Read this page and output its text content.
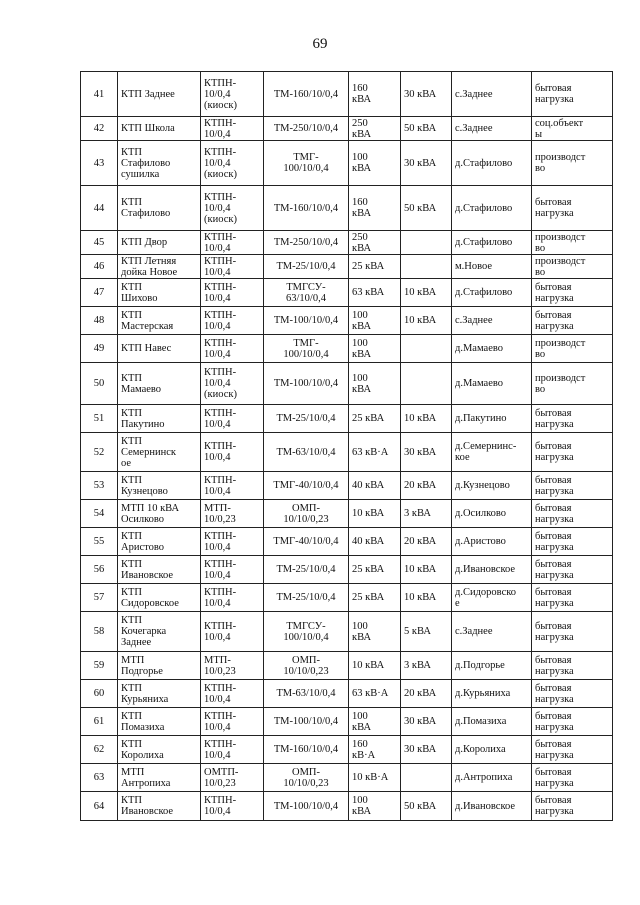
69
41	КТП Заднее	КТПН-
10/0,4
(киоск)	ТМ-160/10/0,4	160
кВА	30 кВА	с.Заднее	бытовая
нагрузка
42	КТП Школа	КТПН-
10/0,4	ТМ-250/10/0,4	250
кВА	50 кВА	с.Заднее	соц.объект
ы
43	КТП
Стафилово
сушилка	КТПН-
10/0,4
(киоск)	ТМГ-
100/10/0,4	100
кВА	30 кВА	д.Стафилово	производст
во
44	КТП
Стафилово	КТПН-
10/0,4
(киоск)	ТМ-160/10/0,4	160
кВА	50 кВА	д.Стафилово	бытовая
нагрузка
45	КТП Двор	КТПН-
10/0,4	ТМ-250/10/0,4	250
кВА		д.Стафилово	производст
во
46	КТП Летняя
дойка Новое	КТПН-
10/0,4	ТМ-25/10/0,4	25 кВА		м.Новое	производст
во
47	КТП
Шихово	КТПН-
10/0,4	ТМГСУ-
63/10/0,4	63 кВА	10 кВА	д.Стафилово	бытовая
нагрузка
48	КТП
Мастерская	КТПН-
10/0,4	ТМ-100/10/0,4	100
кВА	10 кВА	с.Заднее	бытовая
нагрузка
49	КТП Навес	КТПН-
10/0,4	ТМГ-
100/10/0,4	100
кВА		д.Мамаево	производст
во
50	КТП
Мамаево	КТПН-
10/0,4
(киоск)	ТМ-100/10/0,4	100
кВА		д.Мамаево	производст
во
51	КТП
Пакутино	КТПН-
10/0,4	ТМ-25/10/0,4	25 кВА	10 кВА	д.Пакутино	бытовая
нагрузка
52	КТП
Семернинск
ое	КТПН-
10/0,4	ТМ-63/10/0,4	63 кВ·А	30 кВА	д.Семернинс-
кое	бытовая
нагрузка
53	КТП
Кузнецово	КТПН-
10/0,4	ТМГ-40/10/0,4	40 кВА	20 кВА	д.Кузнецово	бытовая
нагрузка
54	МТП 10 кВА
Осилково	МТП-
10/0,23	ОМП-
10/10/0,23	10 кВА	3 кВА	д.Осилково	бытовая
нагрузка
55	КТП
Аристово	КТПН-
10/0,4	ТМГ-40/10/0,4	40 кВА	20 кВА	д.Аристово	бытовая
нагрузка
56	КТП
Ивановское	КТПН-
10/0,4	ТМ-25/10/0,4	25 кВА	10 кВА	д.Ивановское	бытовая
нагрузка
57	КТП
Сидоровское	КТПН-
10/0,4	ТМ-25/10/0,4	25 кВА	10 кВА	д.Сидоровско
е	бытовая
нагрузка
58	КТП
Кочегарка
Заднее	КТПН-
10/0,4	ТМГСУ-
100/10/0,4	100
кВА	5 кВА	с.Заднее	бытовая
нагрузка
59	МТП
Подгорье	МТП-
10/0,23	ОМП-
10/10/0,23	10 кВА	3 кВА	д.Подгорье	бытовая
нагрузка
60	КТП
Курьяниха	КТПН-
10/0,4	ТМ-63/10/0,4	63 кВ·А	20 кВА	д.Курьяниха	бытовая
нагрузка
61	КТП
Помазиха	КТПН-
10/0,4	ТМ-100/10/0,4	100
кВА	30 кВА	д.Помазиха	бытовая
нагрузка
62	КТП
Королиха	КТПН-
10/0,4	ТМ-160/10/0,4	160
кВ·А	30 кВА	д.Королиха	бытовая
нагрузка
63	МТП
Антропиха	ОМТП-
10/0,23	ОМП-
10/10/0,23	10 кВ·А		д.Антропиха	бытовая
нагрузка
64	КТП
Ивановское	КТПН-
10/0,4	ТМ-100/10/0,4	100
кВА	50 кВА	д.Ивановское	бытовая
нагрузка
